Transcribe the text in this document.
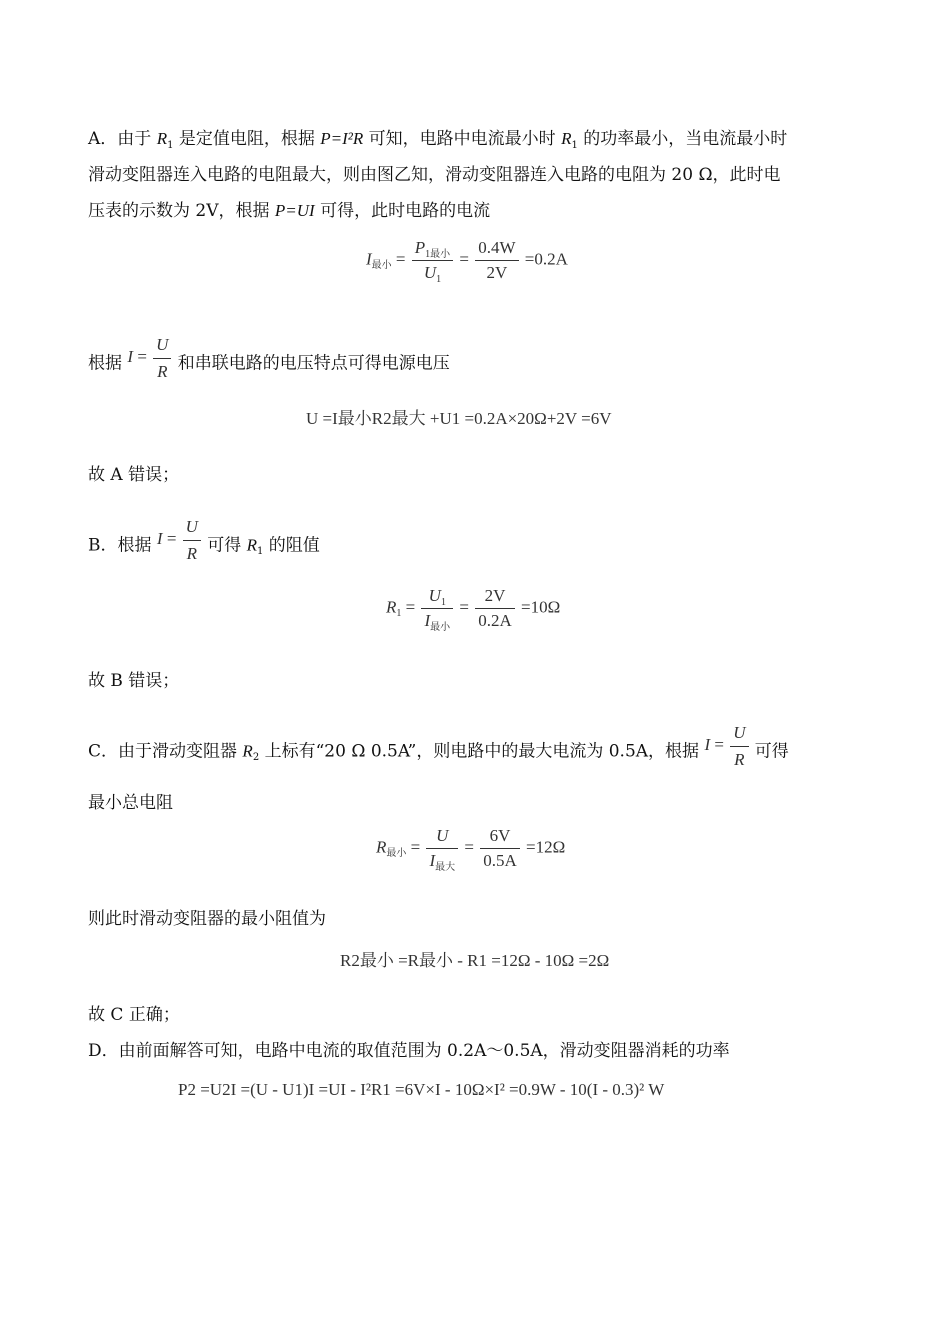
A．由于 $R_1$ 是定值电阻，根据 P=I²R 可知，电路中电流最小时 $R_1$ 的功率最小，当电流最小时
滑动变阻器连入电路的电阻最大，则由图乙知，滑动变阻器连入电路的电阻为 20 Ω，此时电
压表的示数为 2V，根据 P=UI 可得，此时电路的电流
$I_{最小}$ =
$P_{1最小}$
$U_1$
= $\frac{0.4W}{2V} =0.2A$
根据 $I = \frac{U}{R}$ 和串联电路的电压特点可得电源电压
U =I最小R2最大 +U1 =0.2A×20Ω+2V =6V
故 A 错误；
B．根据 $I = \frac{U}{R}$ 可得 $R_1$ 的阻值
$R_1$ =
$U_1$
$I_{最小}$
= $\frac{2V}{0.2A} =10\Omega$
故 B 错误；
C．由于滑动变阻器 $R_2$ 上标有“20 Ω 0.5A”，则电路中的最大电流为 0.5A，根据 $I = \frac{U}{R}$ 可得
最小总电阻
$R_{最小}$ =
U
$I_{最大}$
= $\frac{6V}{0.5A} =12\Omega$
则此时滑动变阻器的最小阻值为
R2最小 =R最小 - R1 =12Ω - 10Ω =2Ω
故 C 正确；
D．由前面解答可知，电路中电流的取值范围为 0.2A～0.5A，滑动变阻器消耗的功率
P2 =U2I =(U - U1)I =UI - I²R1 =6V×I - 10Ω×I² =0.9W - 10(I - 0.3)² W
